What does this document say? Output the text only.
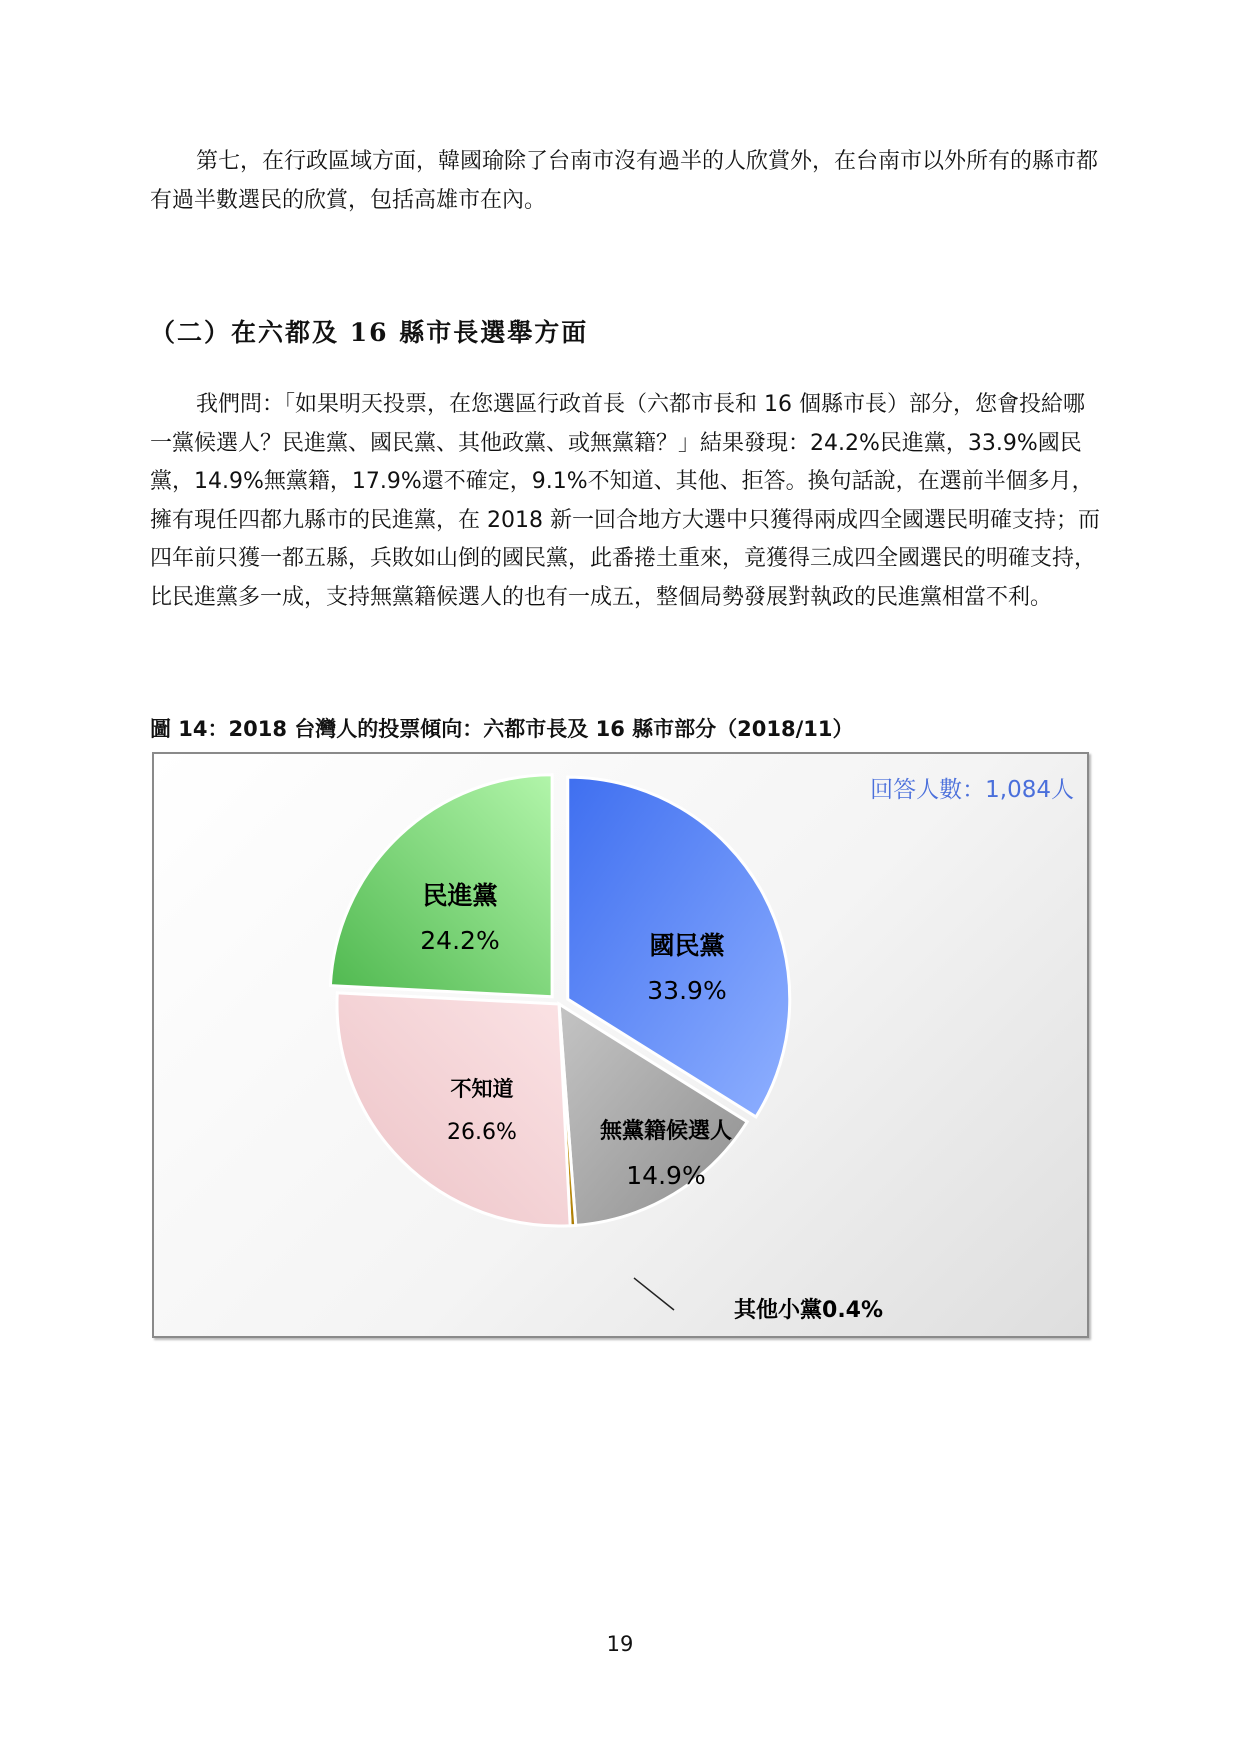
第七，在行政區域方面，韓國瑜除了台南市沒有過半的人欣賞外，在台南市以外所有的縣市都有過半數選民的欣賞，包括高雄市在內。

（二）在六都及 16 縣市長選舉方面

我們問：「如果明天投票，在您選區行政首長（六都市長和 16 個縣市長）部分，您會投給哪一黨候選人？民進黨、國民黨、其他政黨、或無黨籍？」結果發現：24.2%民進黨，33.9%國民黨，14.9%無黨籍，17.9%還不確定，9.1%不知道、其他、拒答。換句話說，在選前半個多月，擁有現任四都九縣市的民進黨，在 2018 新一回合地方大選中只獲得兩成四全國選民明確支持；而四年前只獲一都五縣，兵敗如山倒的國民黨，此番捲土重來，竟獲得三成四全國選民的明確支持，比民進黨多一成，支持無黨籍候選人的也有一成五，整個局勢發展對執政的民進黨相當不利。

圖 14：2018 台灣人的投票傾向：六都市長及 16 縣市部分（2018/11）

回答人數：1,084人
國民黨
33.9%
無黨籍候選人
14.9%
其他小黨0.4%
不知道
26.6%
民進黨
24.2%

19
